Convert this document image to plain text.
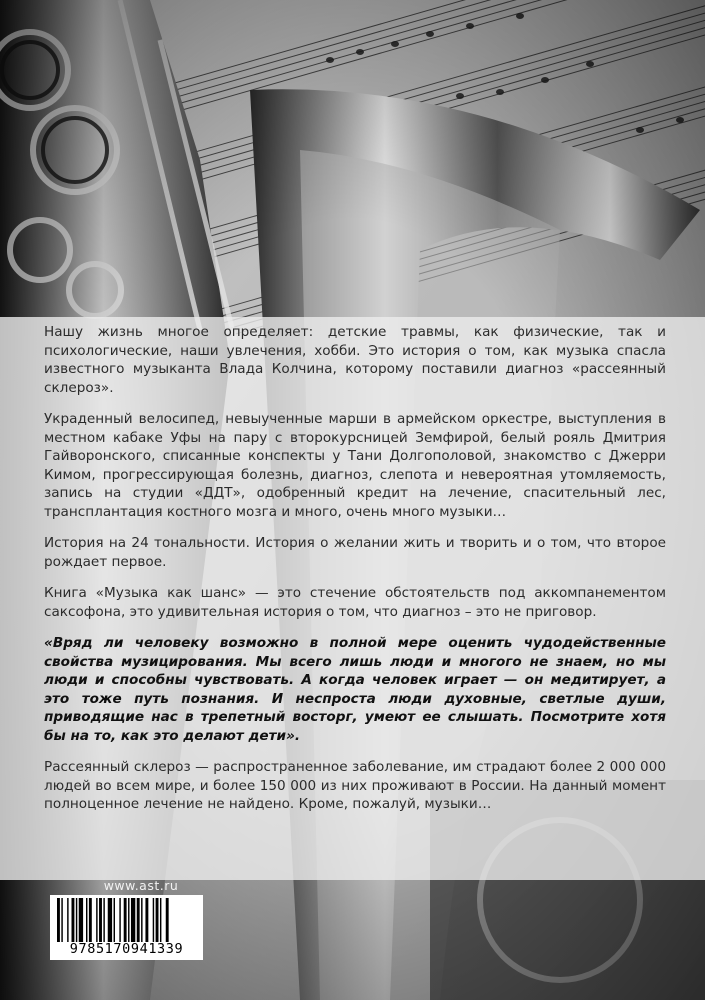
Нашу жизнь многое определяет: детские травмы, как физические, так и психологические, наши увлечения, хобби. Это история о том, как музыка спасла известного музыканта Влада Колчина, которому поставили диагноз «рассеянный склероз».

Украденный велосипед, невыученные марши в армейском оркестре, выступления в местном кабаке Уфы на пару с второкурсницей Земфирой, белый рояль Дмитрия Гайворонского, списанные конспекты у Тани Долгополовой, знакомство с Джерри Кимом, прогрессирующая болезнь, диагноз, слепота и невероятная утомляемость, запись на студии «ДДТ», одобренный кредит на лечение, спасительный лес, трансплантация костного мозга и много, очень много музыки…

История на 24 тональности. История о желании жить и творить и о том, что второе рождает первое.

Книга «Музыка как шанс» — это стечение обстоятельств под аккомпанементом саксофона, это удивительная история о том, что диагноз – это не приговор.

«Вряд ли человеку возможно в полной мере оценить чудодейственные свойства музицирования. Мы всего лишь люди и многого не знаем, но мы люди и способны чувствовать. А когда человек играет — он медитирует, а это тоже путь познания. И неспроста люди духовные, светлые души, приводящие нас в трепетный восторг, умеют ее слышать. Посмотрите хотя бы на то, как это делают дети».

Рассеянный склероз — распространенное заболевание, им страдают более 2 000 000 людей во всем мире, и более 150 000 из них проживают в России. На данный момент полноценное лечение не найдено. Кроме, пожалуй, музыки…

www.ast.ru
9785170941339
